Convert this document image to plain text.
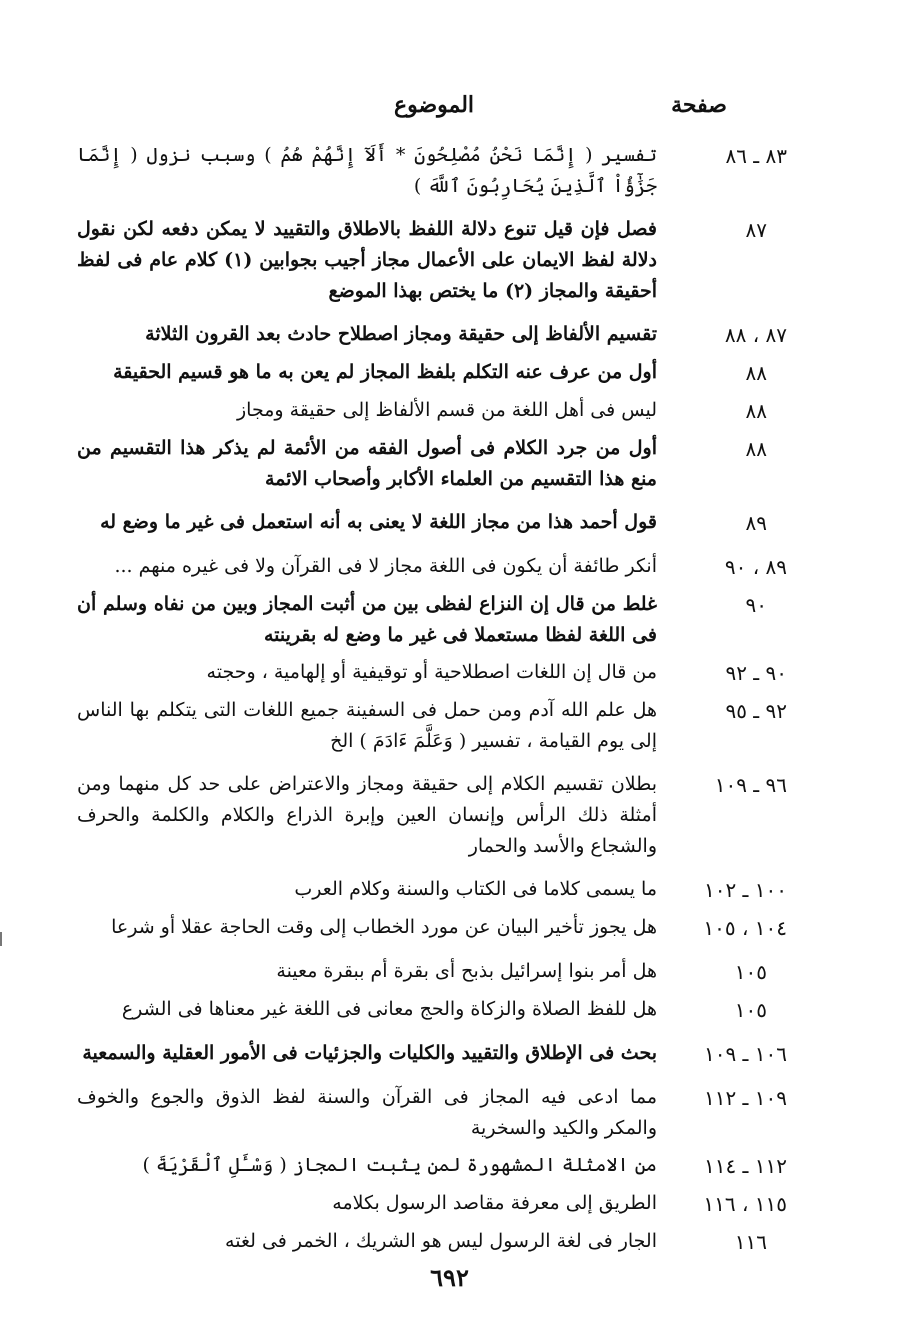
صفحة
الموضوع
٨٣ ـ ٨٦
تفسير ( إِنَّمَا نَحْنُ مُصْلِحُونَ * أَلَآ إِنَّهُمْ هُمُ ) وسبب نزول ( إِنَّمَا جَزَٰٓؤُاْ ٱلَّذِينَ يُحَارِبُونَ ٱللَّهَ )
٨٧
فصل فإن قيل تنوع دلالة اللفظ بالاطلاق والتقييد لا يمكن دفعه لكن نقول دلالة لفظ الايمان على الأعمال مجاز أجيب بجوابين (١) كلام عام فى لفظ أحقيقة والمجاز (٢) ما يختص بهذا الموضع
٨٧ ، ٨٨
تقسيم الألفاظ إلى حقيقة ومجاز اصطلاح حادث بعد القرون الثلاثة
٨٨
أول من عرف عنه التكلم بلفظ المجاز لم يعن به ما هو قسيم الحقيقة
٨٨
ليس فى أهل اللغة من قسم الألفاظ إلى حقيقة ومجاز
٨٨
أول من جرد الكلام فى أصول الفقه من الأئمة لم يذكر هذا التقسيم من منع هذا التقسيم من العلماء الأكابر وأصحاب الائمة
٨٩
قول أحمد هذا من مجاز اللغة لا يعنى به أنه استعمل فى غير ما وضع له
٨٩ ، ٩٠
أنكر طائفة أن يكون فى اللغة مجاز لا فى القرآن ولا فى غيره منهم ...
٩٠
غلط من قال إن النزاع لفظى بين من أثبت المجاز وبين من نفاه وسلم أن فى اللغة لفظا مستعملا فى غير ما وضع له بقرينته
٩٠ ـ ٩٢
من قال إن اللغات اصطلاحية أو توقيفية أو إلهامية ، وحجته
٩٢ ـ ٩٥
هل علم الله آدم ومن حمل فى السفينة جميع اللغات التى يتكلم بها الناس إلى يوم القيامة ، تفسير ( وَعَلَّمَ ءَادَمَ ) الخ
٩٦ ـ ١٠٩
بطلان تقسيم الكلام إلى حقيقة ومجاز والاعتراض على حد كل منهما ومن أمثلة ذلك الرأس وإنسان العين وإبرة الذراع والكلام والكلمة والحرف والشجاع والأسد والحمار
١٠٠ ـ ١٠٢
ما يسمى كلاما فى الكتاب والسنة وكلام العرب
١٠٤ ، ١٠٥
هل يجوز تأخير البيان عن مورد الخطاب إلى وقت الحاجة عقلا أو شرعا
١٠٥
هل أمر بنوا إسرائيل بذبح أى بقرة أم ببقرة معينة
١٠٥
هل للفظ الصلاة والزكاة والحج معانى فى اللغة غير معناها فى الشرع
١٠٦ ـ ١٠٩
بحث فى الإطلاق والتقييد والكليات والجزئيات فى الأمور العقلية والسمعية
١٠٩ ـ ١١٢
مما ادعى فيه المجاز فى القرآن والسنة لفظ الذوق والجوع والخوف والمكر والكيد والسخرية
١١٢ ـ ١١٤
من الامثلة المشهورة لمن يثبت المجاز ( وَسْـَٔلِ ٱلْقَرْيَةَ )
١١٥ ، ١١٦
الطريق إلى معرفة مقاصد الرسول بكلامه
١١٦
الجار فى لغة الرسول ليس هو الشريك ، الخمر فى لغته
٦٩٢
